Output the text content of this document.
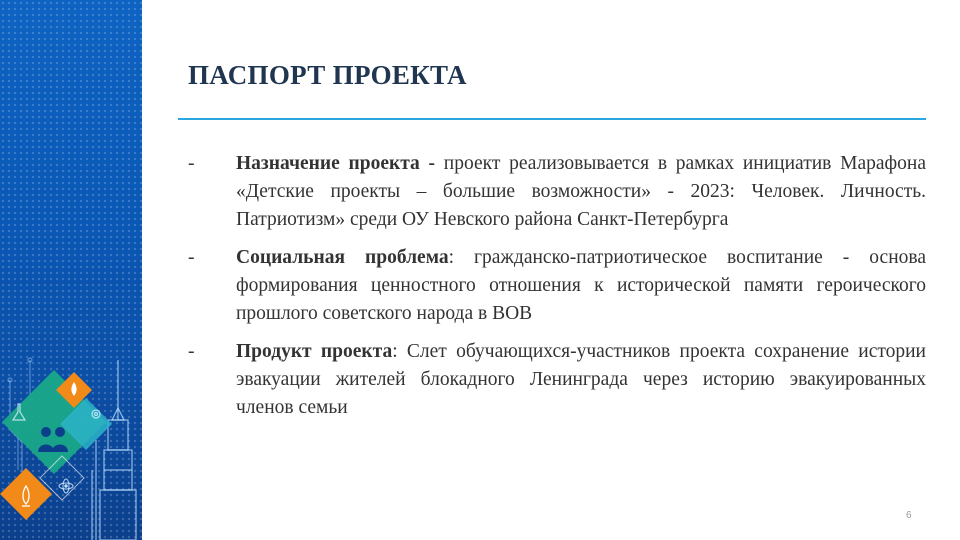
ПАСПОРТ ПРОЕКТА
- Назначение проекта - проект реализовывается в рамках инициатив Марафона «Детские проекты – большие возможности» - 2023: Человек. Личность. Патриотизм» среди ОУ Невского района Санкт-Петербурга
- Социальная проблема: гражданско-патриотическое воспитание - основа формирования ценностного отношения к исторической памяти героического прошлого советского народа в ВОВ
- Продукт проекта: Слет обучающихся-участников проекта сохранение истории эвакуации жителей блокадного Ленинграда через историю эвакуированных членов семьи
6
